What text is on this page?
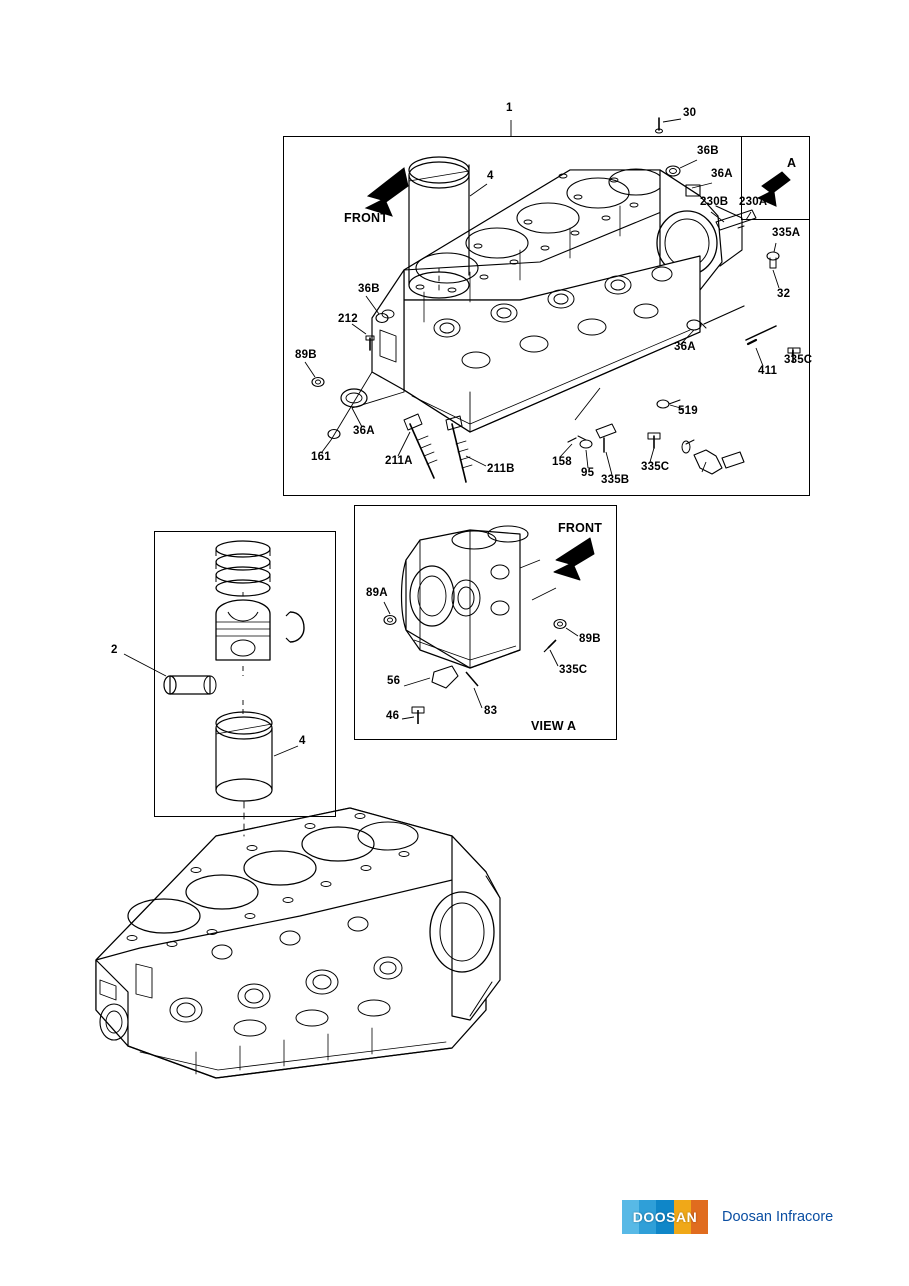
1	30
36B
36A
A
230B 230A
335A
4
FRONT
32
36B
212
89B
36A
411
335C
519
36A
161	211A
211B
158
95
335B
335C
2
4
89A
FRONT
89B
335C
56
46	83
VIEW A
DOOSAN Doosan Infracore
